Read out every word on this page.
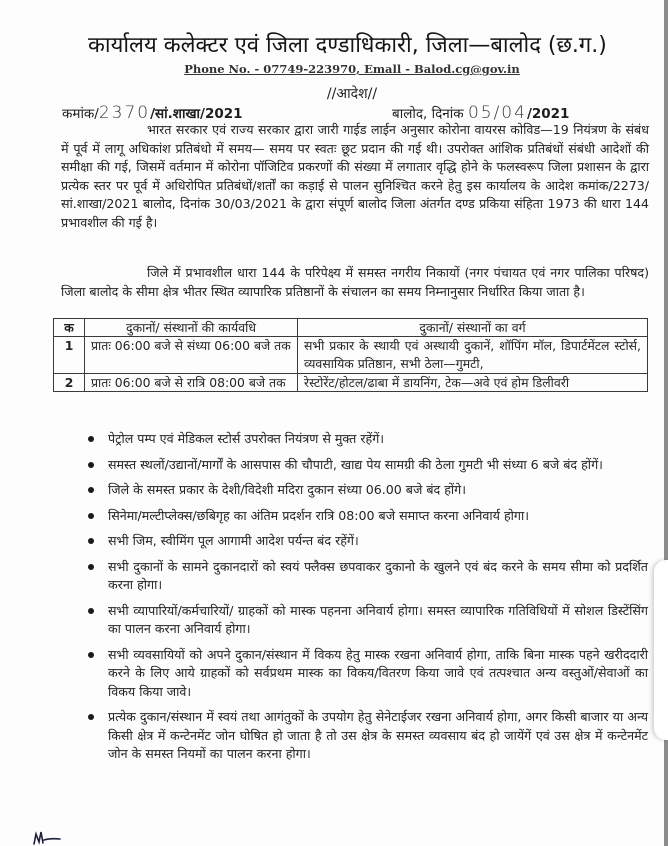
कार्यालय कलेक्टर एवं जिला दण्डाधिकारी, जिला—बालोद (छ.ग.)
Phone No. - 07749-223970, Emall - Balod.cg@gov.in
//आदेश//
कमांक/2370/सां.शाखा/2021	बालोद, दिनांक 05/04/2021
भारत सरकार एवं राज्य सरकार द्वारा जारी गाईड लाईन अनुसार कोरोना वायरस कोविड—19 नियंत्रण के संबंध में पूर्व में लागू अधिकांश प्रतिबंधो में समय— समय पर स्वतः छूट प्रदान की गई थी। उपरोक्त आंशिक प्रतिबंधों संबंधी आदेशों की समीक्षा की गई, जिसमें वर्तमान में कोरोना पॉजिटिव प्रकरणों की संख्या में लगातार वृद्धि होने के फलस्वरूप जिला प्रशासन के द्वारा प्रत्येक स्तर पर पूर्व में अधिरोपित प्रतिबंधों/शर्तों का कड़ाई से पालन सुनिश्चित करने हेतु इस कार्यालय के आदेश कमांक/2273/सां.शाखा/2021 बालोद, दिनांक 30/03/2021 के द्वारा संपूर्ण बालोद जिला अंतर्गत दण्ड प्रकिया संहिता 1973 की धारा 144 प्रभावशील की गई है।
जिले में प्रभावशील धारा 144 के परिपेक्ष्य में समस्त नगरीय निकायों (नगर पंचायत एवं नगर पालिका परिषद) जिला बालोद के सीमा क्षेत्र भीतर स्थित व्यापारिक प्रतिष्ठानों के संचालन का समय निम्नानुसार निर्धारित किया जाता है।
क	दुकानों/ संस्थानों की कार्यवधि	दुकानों/ संस्थानों का वर्ग
1	प्रातः 06:00 बजे से संध्या 06:00 बजे तक	सभी प्रकार के स्थायी एवं अस्थायी दुकानें, शॉपिंग मॉल, डिपार्टमेंटल स्टोर्स, व्यवसायिक प्रतिष्ठान, सभी ठेला—गुमटी,
2	प्रातः 06:00 बजे से रात्रि 08:00 बजे तक	रेस्टोरेंट/होटल/ढाबा में डायनिंग, टेक—अवे एवं होम डिलीवरी
पेट्रोल पम्प एवं मेडिकल स्टोर्स उपरोक्त नियंत्रण से मुक्त रहेंगें।
समस्त स्थलों/उद्यानों/मार्गों के आसपास की चौपाटी, खाद्य पेय सामग्री की ठेला गुमटी भी संध्या 6 बजे बंद होंगें।
जिले के समस्त प्रकार के देशी/विदेशी मदिरा दुकान संध्या 06.00 बजे बंद होंगे।
सिनेमा/मल्टीप्लेक्स/छबिगृह का अंतिम प्रदर्शन रात्रि 08:00 बजे समाप्त करना अनिवार्य होगा।
सभी जिम, स्वीमिंग पूल आगामी आदेश पर्यन्त बंद रहेंगें।
सभी दुकानों के सामने दुकानदारों को स्वयं फ्लैक्स छपवाकर दुकानो के खुलने एवं बंद करने के समय सीमा को प्रदर्शित करना होगा।
सभी व्यापारियों/कर्मचारियों/ ग्राहकों को मास्क पहनना अनिवार्य होगा। समस्त व्यापारिक गतिविधियों में सोशल डिस्टेंसिंग का पालन करना अनिवार्य होगा।
सभी व्यवसायियों को अपने दुकान/संस्थान में विकय हेतु मास्क रखना अनिवार्य होगा, ताकि बिना मास्क पहने खरीददारी करने के लिए आये ग्राहकों को सर्वप्रथम मास्क का विकय/वितरण किया जावे एवं तत्पश्चात अन्य वस्तुओं/सेवाओं का विकय किया जावे।
प्रत्येक दुकान/संस्थान में स्वयं तथा आगंतुकों के उपयोग हेतु सेनेटाईजर रखना अनिवार्य होगा, अगर किसी बाजार या अन्य किसी क्षेत्र में कन्टेनमेंट जोन घोषित हो जाता है तो उस क्षेत्र के समस्त व्यवसाय बंद हो जायेंगें एवं उस क्षेत्र में कन्टेनमेंट जोन के समस्त नियमों का पालन करना होगा।
